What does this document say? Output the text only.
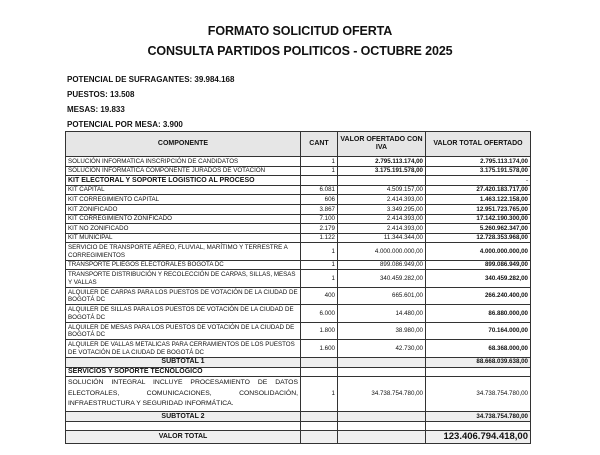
FORMATO SOLICITUD OFERTA
CONSULTA PARTIDOS POLITICOS - OCTUBRE 2025
POTENCIAL DE SUFRAGANTES: 39.984.168
PUESTOS: 13.508
MESAS: 19.833
POTENCIAL POR MESA: 3.900
COMPONENTE	CANT	VALOR OFERTADO CON IVA	VALOR TOTAL OFERTADO
SOLUCIÓN INFORMATICA INSCRIPCIÓN DE CANDIDATOS	1	2.795.113.174,00	2.795.113.174,00
SOLUCIÓN INFORMATICA COMPONENTE JURADOS DE VOTACIÓN	1	3.175.191.578,00	3.175.191.578,00
KIT ELECTORAL Y SOPORTE LOGISTICO AL PROCESO			-
KIT CAPITAL	6.081	4.509.157,00	27.420.183.717,00
KIT CORREGIMIENTO CAPITAL	606	2.414.393,00	1.463.122.158,00
KIT ZONIFICADO	3.867	3.349.295,00	12.951.723.765,00
KIT CORREGIMIENTO ZONIFICADO	7.100	2.414.393,00	17.142.190.300,00
KIT NO ZONIFICADO	2.179	2.414.393,00	5.260.962.347,00
KIT MUNICIPAL	1.122	11.344.344,00	12.728.353.968,00
SERVICIO DE TRANSPORTE AÉREO, FLUVIAL, MARÍTIMO Y TERRESTRE A CORREGIMIENTOS	1	4.000.000.000,00	4.000.000.000,00
TRANSPORTE PLIEGOS ELECTORALES BOGOTA DC	1	899.086.949,00	899.086.949,00
TRANSPORTE DISTRIBUCIÓN Y RECOLECCIÓN DE CARPAS, SILLAS, MESAS Y VALLAS	1	340.459.282,00	340.459.282,00
ALQUILER DE CARPAS PARA LOS PUESTOS DE VOTACIÓN DE LA CIUDAD DE BOGOTÁ DC	400	665.601,00	266.240.400,00
ALQUILER DE SILLAS PARA LOS PUESTOS DE VOTACIÓN DE LA CIUDAD DE BOGOTÁ DC	6.000	14.480,00	86.880.000,00
ALQUILER DE MESAS PARA LOS PUESTOS DE VOTACIÓN DE LA CIUDAD DE BOGOTÁ DC	1.800	38.980,00	70.164.000,00
ALQUILER DE VALLAS METALICAS PARA CERRAMIENTOS DE LOS PUESTOS DE VOTACIÓN DE LA CIUDAD DE BOGOTÁ DC	1.600	42.730,00	68.368.000,00
SUBTOTAL 1			88.668.039.638,00
SERVICIOS Y SOPORTE TECNOLOGICO			
SOLUCIÓN INTEGRAL INCLUYE PROCESAMIENTO DE DATOS ELECTORALES, COMUNICACIONES, CONSOLIDACIÓN, INFRAESTRUCTURA Y SEGURIDAD INFORMÁTICA.	1	34.738.754.780,00	34.738.754.780,00
SUBTOTAL 2			34.738.754.780,00

VALOR TOTAL			123.406.794.418,00
